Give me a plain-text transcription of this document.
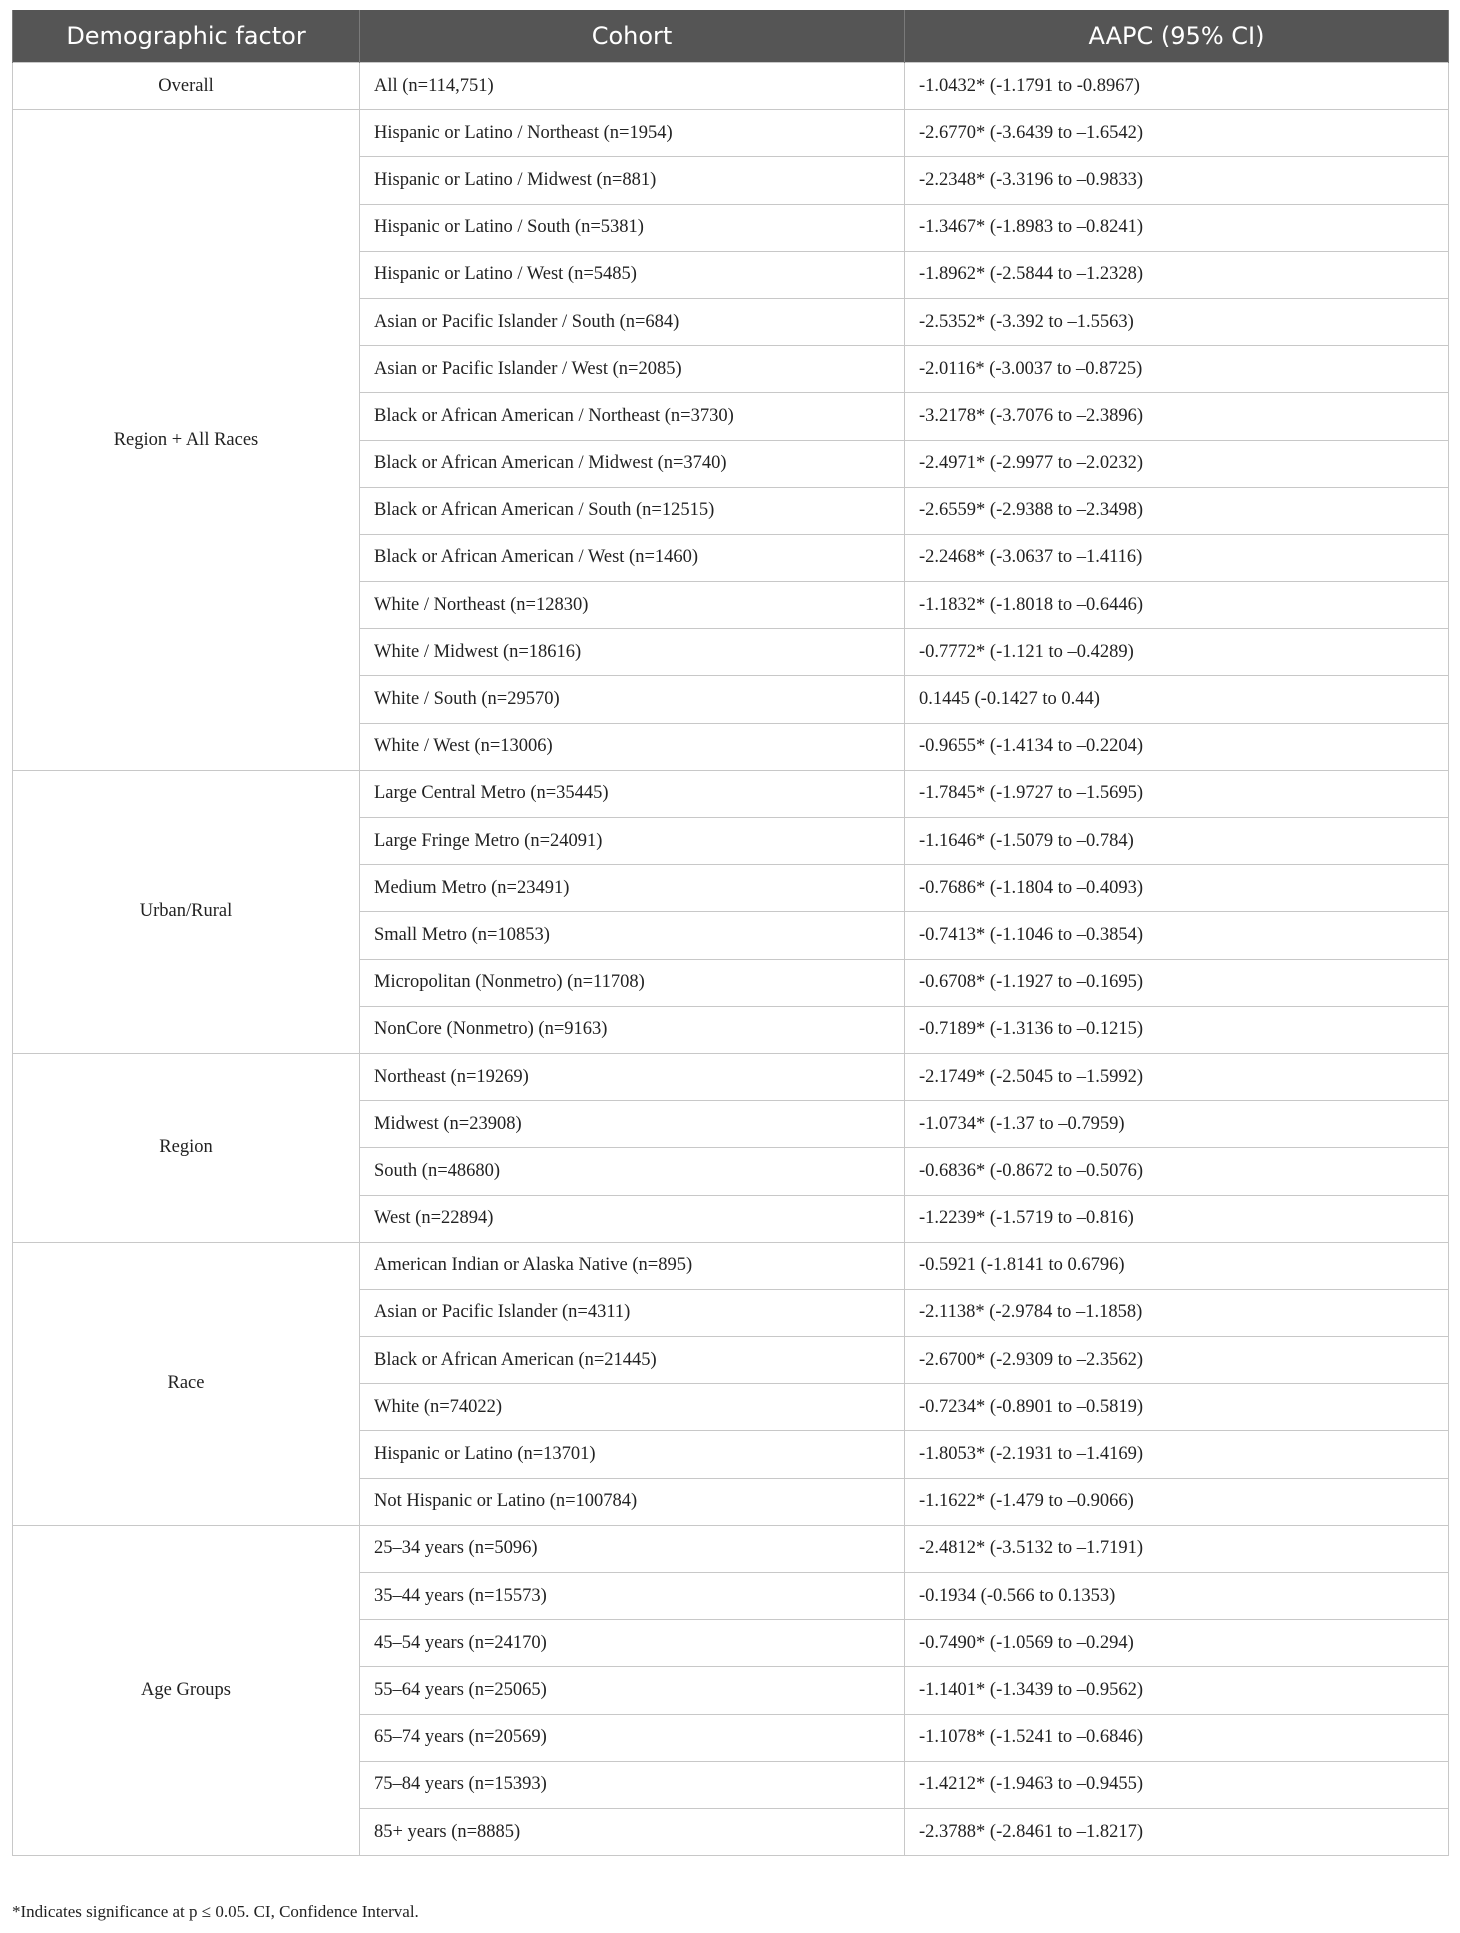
Demographic factor	Cohort	AAPC (95% CI)
Overall	All (n=114,751)	-1.0432* (-1.1791 to -0.8967)
Region + All Races	Hispanic or Latino / Northeast (n=1954)	-2.6770* (-3.6439 to –1.6542)
	Hispanic or Latino / Midwest (n=881)	-2.2348* (-3.3196 to –0.9833)
	Hispanic or Latino / South (n=5381)	-1.3467* (-1.8983 to –0.8241)
	Hispanic or Latino / West (n=5485)	-1.8962* (-2.5844 to –1.2328)
	Asian or Pacific Islander / South (n=684)	-2.5352* (-3.392 to –1.5563)
	Asian or Pacific Islander / West (n=2085)	-2.0116* (-3.0037 to –0.8725)
	Black or African American / Northeast (n=3730)	-3.2178* (-3.7076 to –2.3896)
	Black or African American / Midwest (n=3740)	-2.4971* (-2.9977 to –2.0232)
	Black or African American / South (n=12515)	-2.6559* (-2.9388 to –2.3498)
	Black or African American / West (n=1460)	-2.2468* (-3.0637 to –1.4116)
	White / Northeast (n=12830)	-1.1832* (-1.8018 to –0.6446)
	White / Midwest (n=18616)	-0.7772* (-1.121 to –0.4289)
	White / South (n=29570)	0.1445 (-0.1427 to 0.44)
	White / West (n=13006)	-0.9655* (-1.4134 to –0.2204)
Urban/Rural	Large Central Metro (n=35445)	-1.7845* (-1.9727 to –1.5695)
	Large Fringe Metro (n=24091)	-1.1646* (-1.5079 to –0.784)
	Medium Metro (n=23491)	-0.7686* (-1.1804 to –0.4093)
	Small Metro (n=10853)	-0.7413* (-1.1046 to –0.3854)
	Micropolitan (Nonmetro) (n=11708)	-0.6708* (-1.1927 to –0.1695)
	NonCore (Nonmetro) (n=9163)	-0.7189* (-1.3136 to –0.1215)
Region	Northeast (n=19269)	-2.1749* (-2.5045 to –1.5992)
	Midwest (n=23908)	-1.0734* (-1.37 to –0.7959)
	South (n=48680)	-0.6836* (-0.8672 to –0.5076)
	West (n=22894)	-1.2239* (-1.5719 to –0.816)
Race	American Indian or Alaska Native (n=895)	-0.5921 (-1.8141 to 0.6796)
	Asian or Pacific Islander (n=4311)	-2.1138* (-2.9784 to –1.1858)
	Black or African American (n=21445)	-2.6700* (-2.9309 to –2.3562)
	White (n=74022)	-0.7234* (-0.8901 to –0.5819)
	Hispanic or Latino (n=13701)	-1.8053* (-2.1931 to –1.4169)
	Not Hispanic or Latino (n=100784)	-1.1622* (-1.479 to –0.9066)
Age Groups	25–34 years (n=5096)	-2.4812* (-3.5132 to –1.7191)
	35–44 years (n=15573)	-0.1934 (-0.566 to 0.1353)
	45–54 years (n=24170)	-0.7490* (-1.0569 to –0.294)
	55–64 years (n=25065)	-1.1401* (-1.3439 to –0.9562)
	65–74 years (n=20569)	-1.1078* (-1.5241 to –0.6846)
	75–84 years (n=15393)	-1.4212* (-1.9463 to –0.9455)
	85+ years (n=8885)	-2.3788* (-2.8461 to –1.8217)
*Indicates significance at p ≤ 0.05. CI, Confidence Interval.
